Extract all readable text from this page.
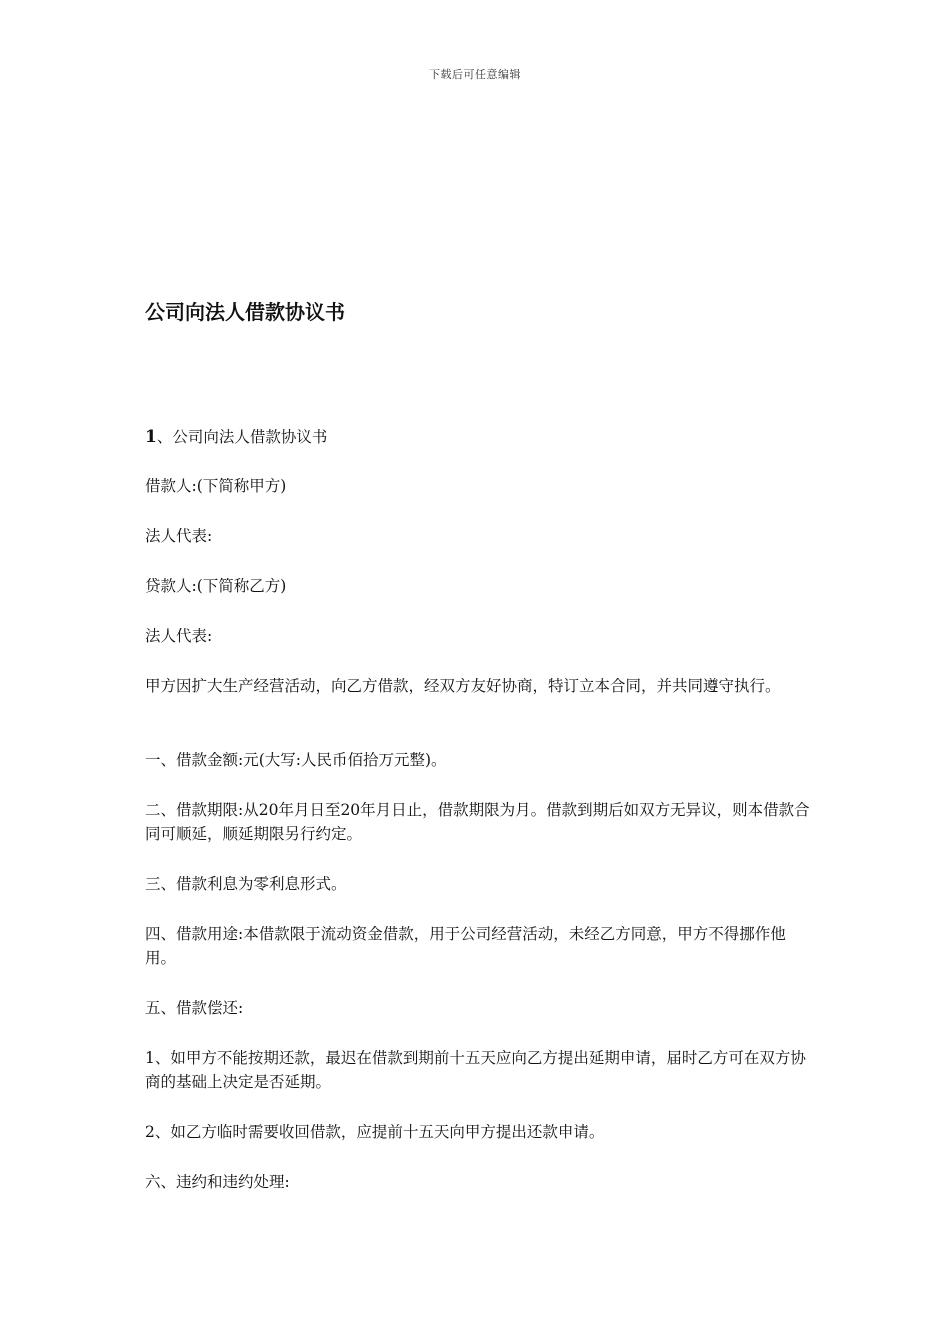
下载后可任意编辑
公司向法人借款协议书

1、公司向法人借款协议书

借款人:(下简称甲方)

法人代表:

贷款人:(下简称乙方)

法人代表:

甲方因扩大生产经营活动，向乙方借款，经双方友好协商，特订立本合同，并共同遵守执行。

一、借款金额:元(大写:人民币佰拾万元整)。

二、借款期限:从20年月日至20年月日止，借款期限为月。借款到期后如双方无异议，则本借款合同可顺延，顺延期限另行约定。

三、借款利息为零利息形式。

四、借款用途:本借款限于流动资金借款，用于公司经营活动，未经乙方同意，甲方不得挪作他用。

五、借款偿还:

1、如甲方不能按期还款，最迟在借款到期前十五天应向乙方提出延期申请，届时乙方可在双方协商的基础上决定是否延期。

2、如乙方临时需要收回借款，应提前十五天向甲方提出还款申请。

六、违约和违约处理:
